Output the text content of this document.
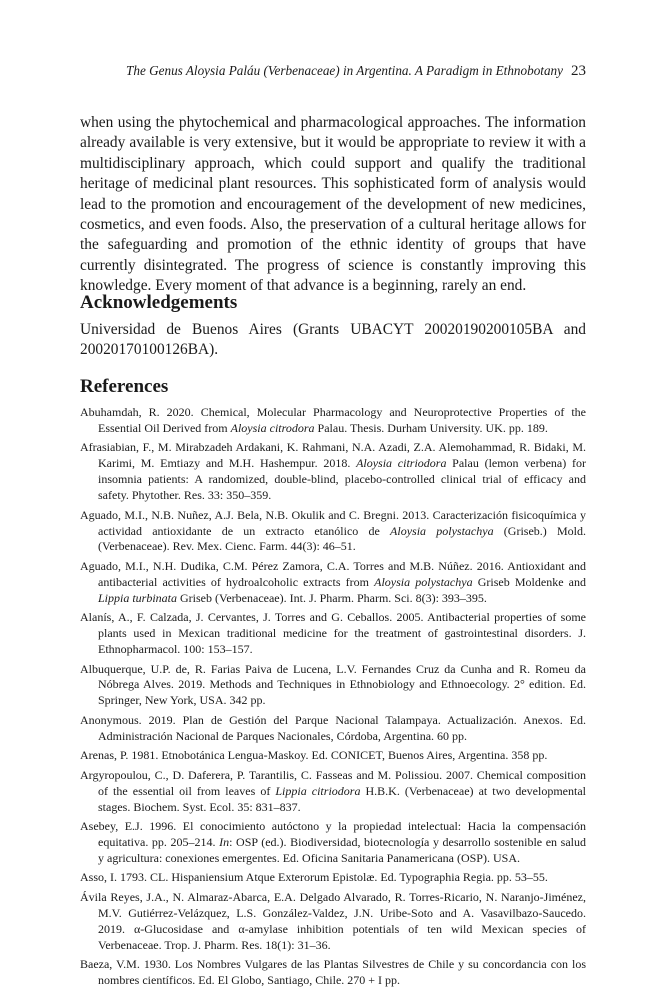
The Genus Aloysia Paláu (Verbenaceae) in Argentina. A Paradigm in Ethnobotany 23

when using the phytochemical and pharmacological approaches. The information already available is very extensive, but it would be appropriate to review it with a multidisciplinary approach, which could support and qualify the traditional heritage of medicinal plant resources. This sophisticated form of analysis would lead to the promotion and encouragement of the development of new medicines, cosmetics, and even foods. Also, the preservation of a cultural heritage allows for the safeguarding and promotion of the ethnic identity of groups that have currently disintegrated. The progress of science is constantly improving this knowledge. Every moment of that advance is a beginning, rarely an end.

Acknowledgements

Universidad de Buenos Aires (Grants UBACYT 20020190200105BA and 20020170100126BA).

References
Abuhamdah, R. 2020. Chemical, Molecular Pharmacology and Neuroprotective Properties of the Essential Oil Derived from Aloysia citrodora Palau. Thesis. Durham University. UK. pp. 189.
Afrasiabian, F., M. Mirabzadeh Ardakani, K. Rahmani, N.A. Azadi, Z.A. Alemohammad, R. Bidaki, M. Karimi, M. Emtiazy and M.H. Hashempur. 2018. Aloysia citriodora Palau (lemon verbena) for insomnia patients: A randomized, double-blind, placebo-controlled clinical trial of efficacy and safety. Phytother. Res. 33: 350–359.
Aguado, M.I., N.B. Nuñez, A.J. Bela, N.B. Okulik and C. Bregni. 2013. Caracterización fisicoquímica y actividad antioxidante de un extracto etanólico de Aloysia polystachya (Griseb.) Mold. (Verbenaceae). Rev. Mex. Cienc. Farm. 44(3): 46–51.
Aguado, M.I., N.H. Dudika, C.M. Pérez Zamora, C.A. Torres and M.B. Núñez. 2016. Antioxidant and antibacterial activities of hydroalcoholic extracts from Aloysia polystachya Griseb Moldenke and Lippia turbinata Griseb (Verbenaceae). Int. J. Pharm. Pharm. Sci. 8(3): 393–395.
Alanís, A., F. Calzada, J. Cervantes, J. Torres and G. Ceballos. 2005. Antibacterial properties of some plants used in Mexican traditional medicine for the treatment of gastrointestinal disorders. J. Ethnopharmacol. 100: 153–157.
Albuquerque, U.P. de, R. Farias Paiva de Lucena, L.V. Fernandes Cruz da Cunha and R. Romeu da Nóbrega Alves. 2019. Methods and Techniques in Ethnobiology and Ethnoecology. 2° edition. Ed. Springer, New York, USA. 342 pp.
Anonymous. 2019. Plan de Gestión del Parque Nacional Talampaya. Actualización. Anexos. Ed. Administración Nacional de Parques Nacionales, Córdoba, Argentina. 60 pp.
Arenas, P. 1981. Etnobotánica Lengua-Maskoy. Ed. CONICET, Buenos Aires, Argentina. 358 pp.
Argyropoulou, C., D. Daferera, P. Tarantilis, C. Fasseas and M. Polissiou. 2007. Chemical composition of the essential oil from leaves of Lippia citriodora H.B.K. (Verbenaceae) at two developmental stages. Biochem. Syst. Ecol. 35: 831–837.
Asebey, E.J. 1996. El conocimiento autóctono y la propiedad intelectual: Hacia la compensación equitativa. pp. 205–214. In: OSP (ed.). Biodiversidad, biotecnología y desarrollo sostenible en salud y agricultura: conexiones emergentes. Ed. Oficina Sanitaria Panamericana (OSP). USA.
Asso, I. 1793. CL. Hispaniensium Atque Exterorum Epistolæ. Ed. Typographia Regia. pp. 53–55.
Ávila Reyes, J.A., N. Almaraz-Abarca, E.A. Delgado Alvarado, R. Torres-Ricario, N. Naranjo-Jiménez, M.V. Gutiérrez-Velázquez, L.S. González-Valdez, J.N. Uribe-Soto and A. Vasavilbazo-Saucedo. 2019. α-Glucosidase and α-amylase inhibition potentials of ten wild Mexican species of Verbenaceae. Trop. J. Pharm. Res. 18(1): 31–36.
Baeza, V.M. 1930. Los Nombres Vulgares de las Plantas Silvestres de Chile y su concordancia con los nombres científicos. Ed. El Globo, Santiago, Chile. 270 + I pp.
